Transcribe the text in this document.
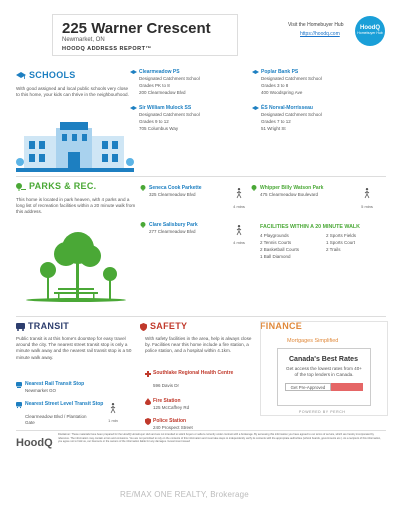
225 Warner Crescent
Newmarket, ON
HOODQ ADDRESS REPORT™
Visit the Homebuyer Hub
https://hoodq.com
HoodQ
Homebuyer Hub
SCHOOLS
With good assigned and local public schools very close to this home, your kids can thrive in the neighbourhood.
Clearmeadow PS
Designated Catchment School
Grades PK to 8
200 Clearmeadow Blvd
Poplar Bank PS
Designated Catchment School
Grades 3 to 8
400 Woodspring Ave
Sir William Mulock SS
Designated Catchment School
Grades 9 to 12
705 Columbus Way
ÉS Norval-Morrisseau
Designated Catchment School
Grades 7 to 12
51 Wright St
PARKS & REC.
This home is located in park heaven, with 4 parks and a long list of recreation facilities within a 20 minute walk from this address.
Seneca Cook Parkette
325 Clearmeadow Blvd
4 mins
Whipper Billy Watson Park
475 Clearmeadow Boulevard
5 mins
Clare Salisbury Park
277 Clearmeadow Blvd
4 mins
FACILITIES WITHIN A 20 MINUTE WALK
4 Playgrounds	2 Sports Fields
2 Tennis Courts	1 Sports Court
2 Basketball Courts	2 Trails
1 Ball Diamond
TRANSIT
Public transit is at this home's doorstep for easy travel around the city. The nearest street transit stop is only a minute walk away and the nearest rail transit stop is a 50 minute walk away.
Nearest Rail Transit Stop
Newmarket GO
Nearest Street Level Transit Stop
Clearmeadow Blvd / Plantation Gate	1 min
SAFETY
With safety facilities in the area, help is always close by. Facilities near this home include a fire station, a police station, and a hospital within 4.1km.
Southlake Regional Health Centre
596 Davis Dr
Fire Station
125 McCaffrey Rd
Police Station
240 Prospect Street
FINANCE
Mortgages Simplified
Canada's Best Rates
Get access the lowest rates from 40+ of the top lenders in Canada.
Get Pre-Approved
POWERED BY PERCH
HoodQ
Disclaimer: These materials have been prepared for the HoodQ Homebuyer Hub and are not intended to solicit buyers or sellers currently under contract with a brokerage. By accessing this information you have agreed to our terms of service, which are hereby incorporated by reference. The information may contain errors and omissions. You are not permitted to rely on the contents of this information and must take steps to independently verify its contents with the appropriate authorities (school boards, governments etc.). As a recipient of this information, you agree not to hold us, our licensors or the owners of the information liable for any damages. Government issued
RE/MAX ONE REALTY, Brokerage
